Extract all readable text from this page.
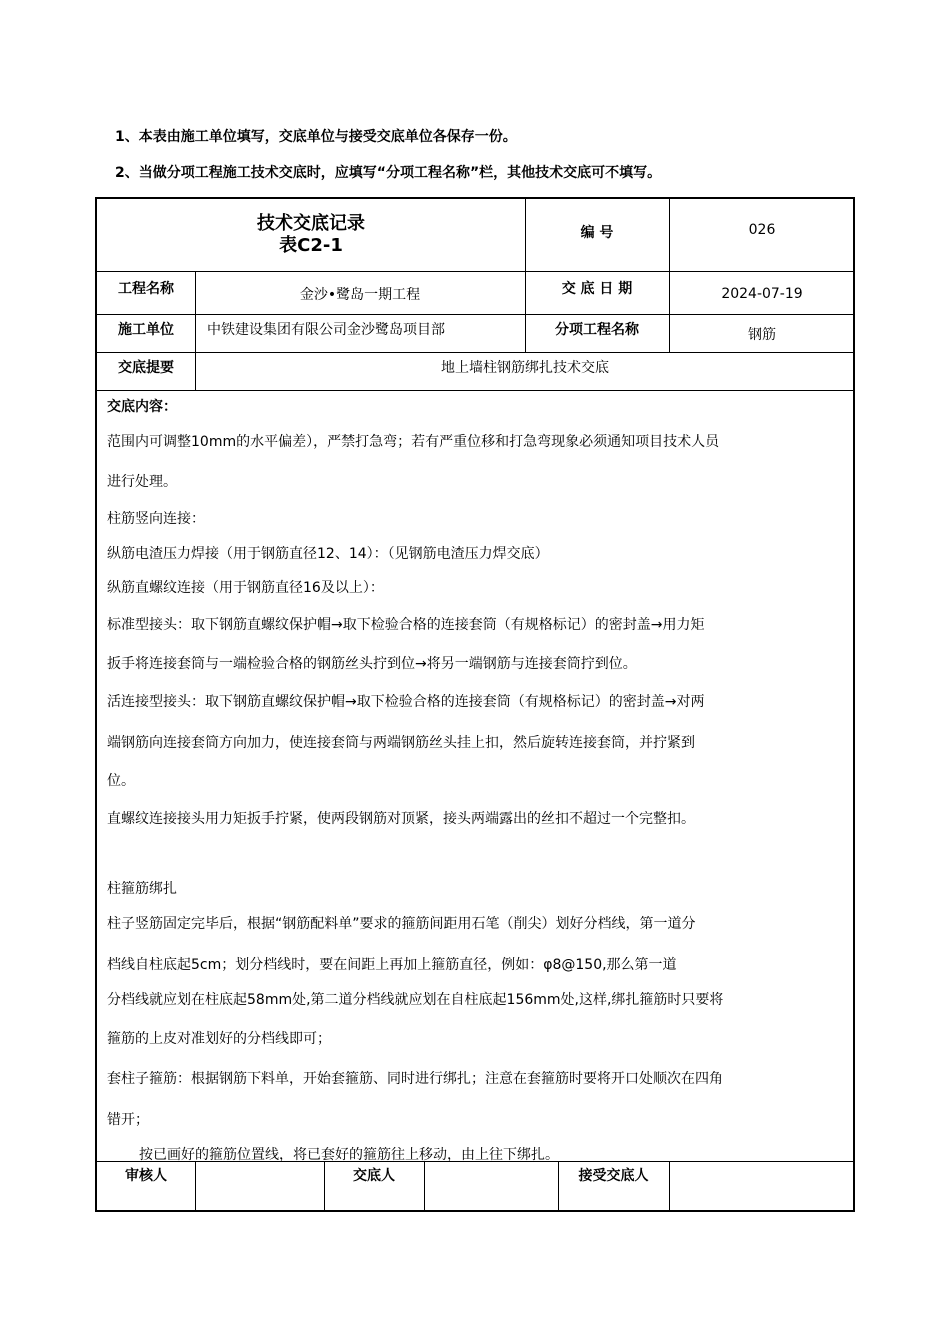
1、本表由施工单位填写，交底单位与接受交底单位各保存一份。
2、当做分项工程施工技术交底时，应填写“分项工程名称”栏，其他技术交底可不填写。
技术交底记录
表C2-1
编 号	026
工程名称	金沙•鹭岛一期工程	交 底 日 期	2024-07-19
施工单位	中铁建设集团有限公司金沙鹭岛项目部	分项工程名称	钢筋
交底提要	地上墙柱钢筋绑扎技术交底
交底内容：
范围内可调整10mm的水平偏差），严禁打急弯；若有严重位移和打急弯现象必须通知项目技术人员
进行处理。
柱筋竖向连接：
纵筋电渣压力焊接（用于钢筋直径12、14）：（见钢筋电渣压力焊交底）
纵筋直螺纹连接（用于钢筋直径16及以上）：
标准型接头：取下钢筋直螺纹保护帽→取下检验合格的连接套筒（有规格标记）的密封盖→用力矩
扳手将连接套筒与一端检验合格的钢筋丝头拧到位→将另一端钢筋与连接套筒拧到位。
活连接型接头：取下钢筋直螺纹保护帽→取下检验合格的连接套筒（有规格标记）的密封盖→对两
端钢筋向连接套筒方向加力，使连接套筒与两端钢筋丝头挂上扣，然后旋转连接套筒，并拧紧到
位。
直螺纹连接接头用力矩扳手拧紧，使两段钢筋对顶紧，接头两端露出的丝扣不超过一个完整扣。
柱箍筋绑扎
柱子竖筋固定完毕后，根据“钢筋配料单”要求的箍筋间距用石笔（削尖）划好分档线，第一道分
档线自柱底起5cm；划分档线时，要在间距上再加上箍筋直径，例如：φ8@150,那么第一道
分档线就应划在柱底起58mm处,第二道分档线就应划在自柱底起156mm处,这样,绑扎箍筋时只要将
箍筋的上皮对准划好的分档线即可；
套柱子箍筋：根据钢筋下料单，开始套箍筋、同时进行绑扎；注意在套箍筋时要将开口处顺次在四角
错开；
按已画好的箍筋位置线，将已套好的箍筋往上移动，由上往下绑扎。
审核人	交底人	接受交底人
